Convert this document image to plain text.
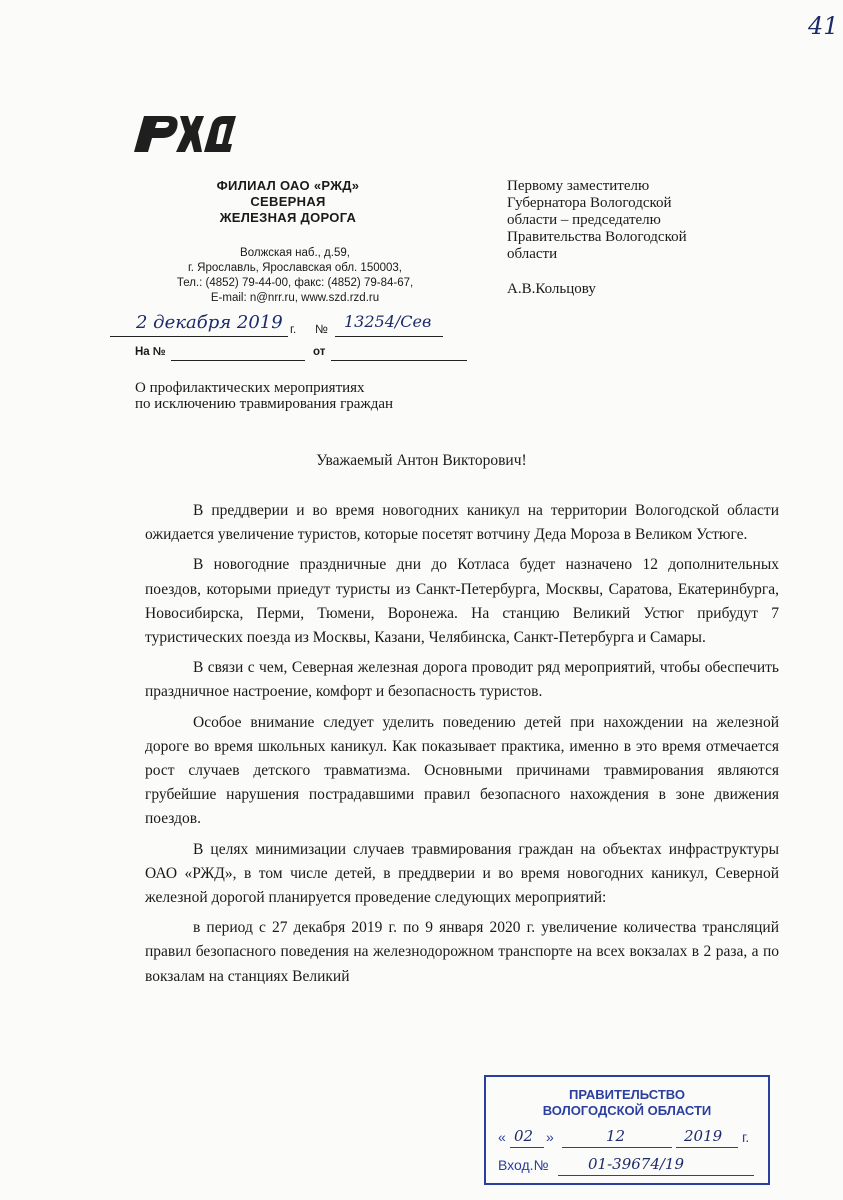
41
ФИЛИАЛ ОАО «РЖД»
СЕВЕРНАЯ
ЖЕЛЕЗНАЯ ДОРОГА
Волжская наб., д.59,
г. Ярославль, Ярославская обл. 150003,
Тел.: (4852) 79-44-00, факс: (4852) 79-84-67,
E-mail: n@nrr.ru, www.szd.rzd.ru
2 декабря 2019 г. № 13254/Сев
На №	от
Первому заместителю
Губернатора Вологодской
области – председателю
Правительства Вологодской
области
А.В.Кольцову
О профилактических мероприятиях
по исключению травмирования граждан
Уважаемый Антон Викторович!

В преддверии и во время новогодних каникул на территории Вологодской области ожидается увеличение туристов, которые посетят вотчину Деда Мороза в Великом Устюге.

В новогодние праздничные дни до Котласа будет назначено 12 дополнительных поездов, которыми приедут туристы из Санкт-Петербурга, Москвы, Саратова, Екатеринбурга, Новосибирска, Перми, Тюмени, Воронежа. На станцию Великий Устюг прибудут 7 туристических поезда из Москвы, Казани, Челябинска, Санкт-Петербурга и Самары.

В связи с чем, Северная железная дорога проводит ряд мероприятий, чтобы обеспечить праздничное настроение, комфорт и безопасность туристов.

Особое внимание следует уделить поведению детей при нахождении на железной дороге во время школьных каникул. Как показывает практика, именно в это время отмечается рост случаев детского травматизма. Основными причинами травмирования являются грубейшие нарушения пострадавшими правил безопасного нахождения в зоне движения поездов.

В целях минимизации случаев травмирования граждан на объектах инфраструктуры ОАО «РЖД», в том числе детей, в преддверии и во время новогодних каникул, Северной железной дорогой планируется проведение следующих мероприятий:

в период с 27 декабря 2019 г. по 9 января 2020 г. увеличение количества трансляций правил безопасного поведения на железнодорожном транспорте на всех вокзалах в 2 раза, а по вокзалам на станциях Великий

ПРАВИТЕЛЬСТВО
ВОЛОГОДСКОЙ ОБЛАСТИ
« 02 »	12	2019 г.
Вход.№	01-39674/19
